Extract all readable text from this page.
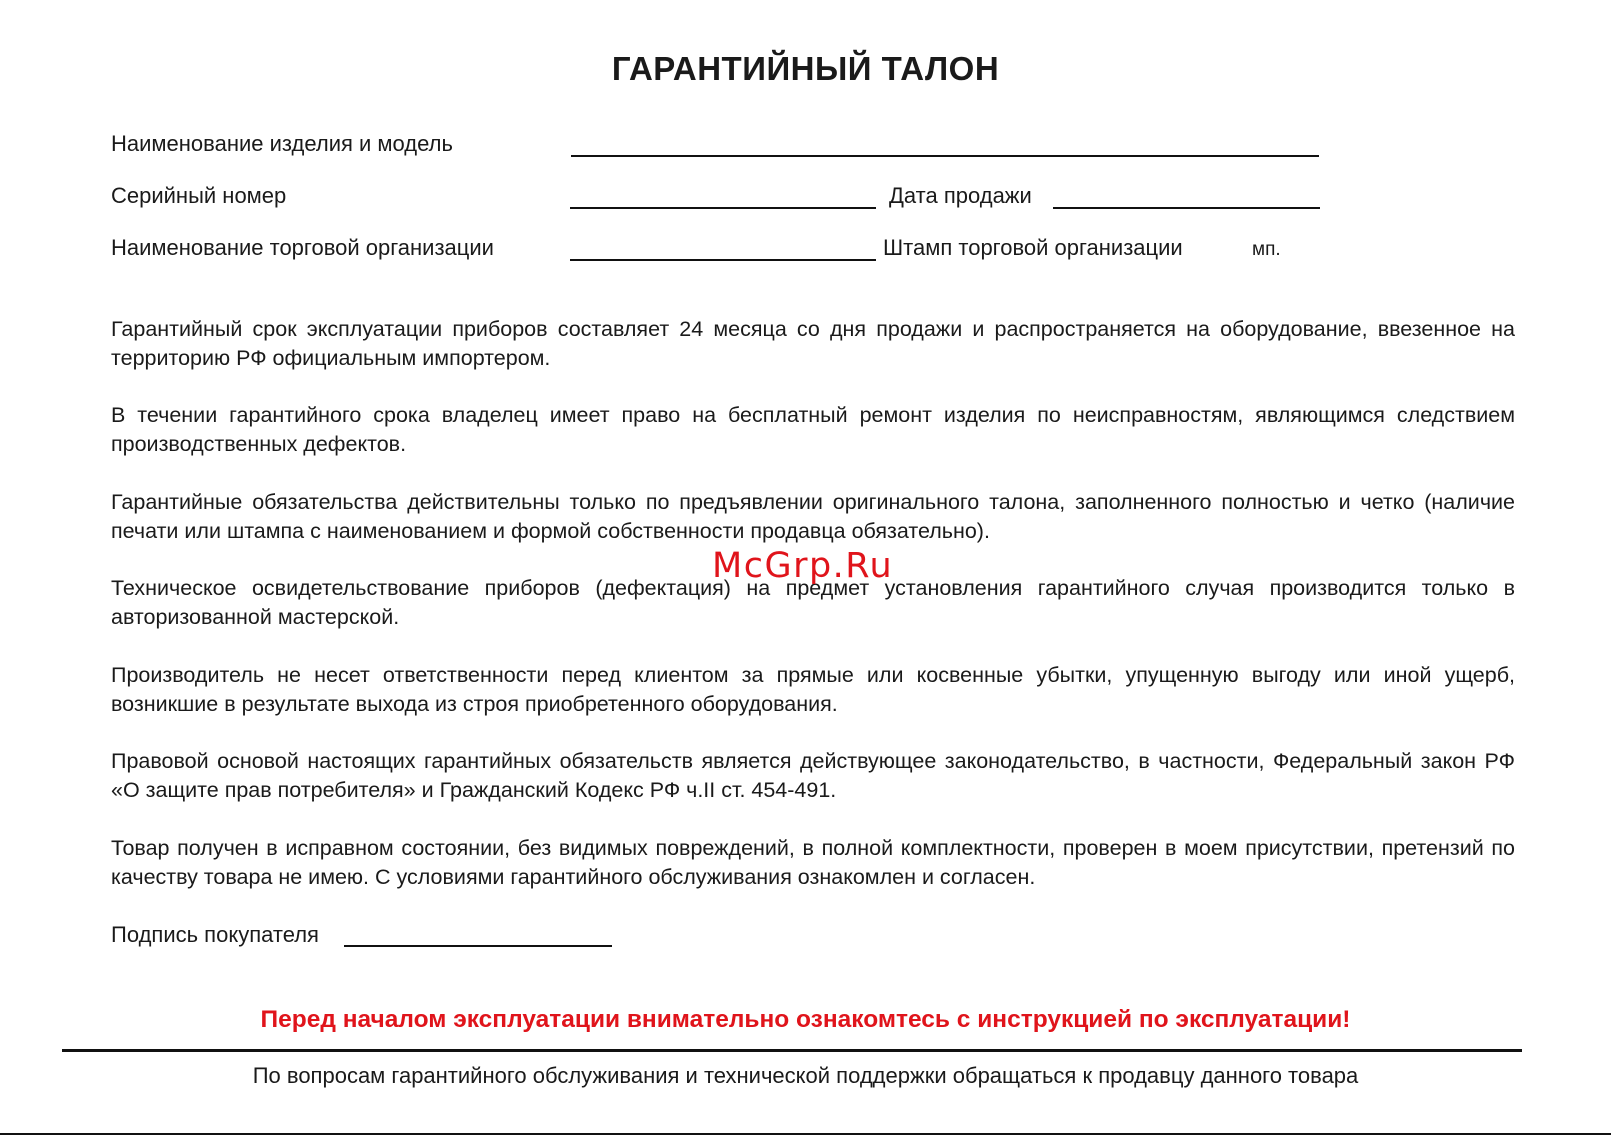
ГАРАНТИЙНЫЙ ТАЛОН
Наименование изделия и модель
Серийный номер	Дата продажи
Наименование торговой организации	Штамп торговой организации	мп.
Гарантийный срок эксплуатации приборов составляет 24 месяца со дня продажи и распространяется на оборудование, ввезенное на территорию РФ официальным импортером.
В течении гарантийного срока владелец имеет право на бесплатный ремонт изделия по неисправностям, являющимся следствием производственных дефектов.
Гарантийные обязательства действительны только по предъявлении оригинального талона, заполненного полностью и четко (наличие печати или штампа с наименованием и формой собственности продавца обязательно).
Техническое освидетельствование приборов (дефектация) на предмет установления гарантийного случая производится только в авторизованной мастерской.
Производитель не несет ответственности перед клиентом за прямые или косвенные убытки, упущенную выгоду или иной ущерб, возникшие в результате выхода из строя приобретенного оборудования.
Правовой основой настоящих гарантийных обязательств является действующее законодательство, в частности, Федеральный закон РФ «О защите прав потребителя» и Гражданский Кодекс РФ ч.II ст. 454-491.
Товар получен в исправном состоянии, без видимых повреждений, в полной комплектности, проверен в моем присутствии, претензий по качеству товара не имею. С условиями гарантийного обслуживания ознакомлен и согласен.
Подпись покупателя
McGrp.Ru
Перед началом эксплуатации внимательно ознакомтесь с инструкцией по эксплуатации!
По вопросам гарантийного обслуживания и технической поддержки обращаться к продавцу данного товара
